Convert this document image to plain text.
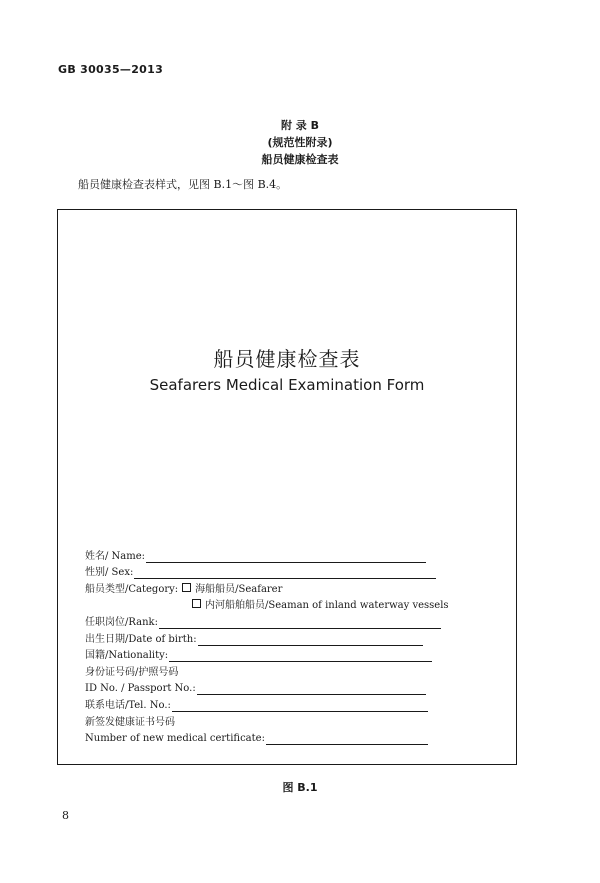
GB 30035—2013
附 录 B
(规范性附录)
船员健康检查表
船员健康检查表样式，见图 B.1～图 B.4。
船员健康检查表
Seafarers Medical Examination Form
姓名/ Name:
性别/ Sex:
船员类型/Category: 海船船员/Seafarer
内河船舶船员/Seaman of inland waterway vessels
任职岗位/Rank:
出生日期/Date of birth:
国籍/Nationality:
身份证号码/护照号码
ID No. / Passport No.:
联系电话/Tel. No.:
新签发健康证书号码
Number of new medical certificate:
图 B.1
8
